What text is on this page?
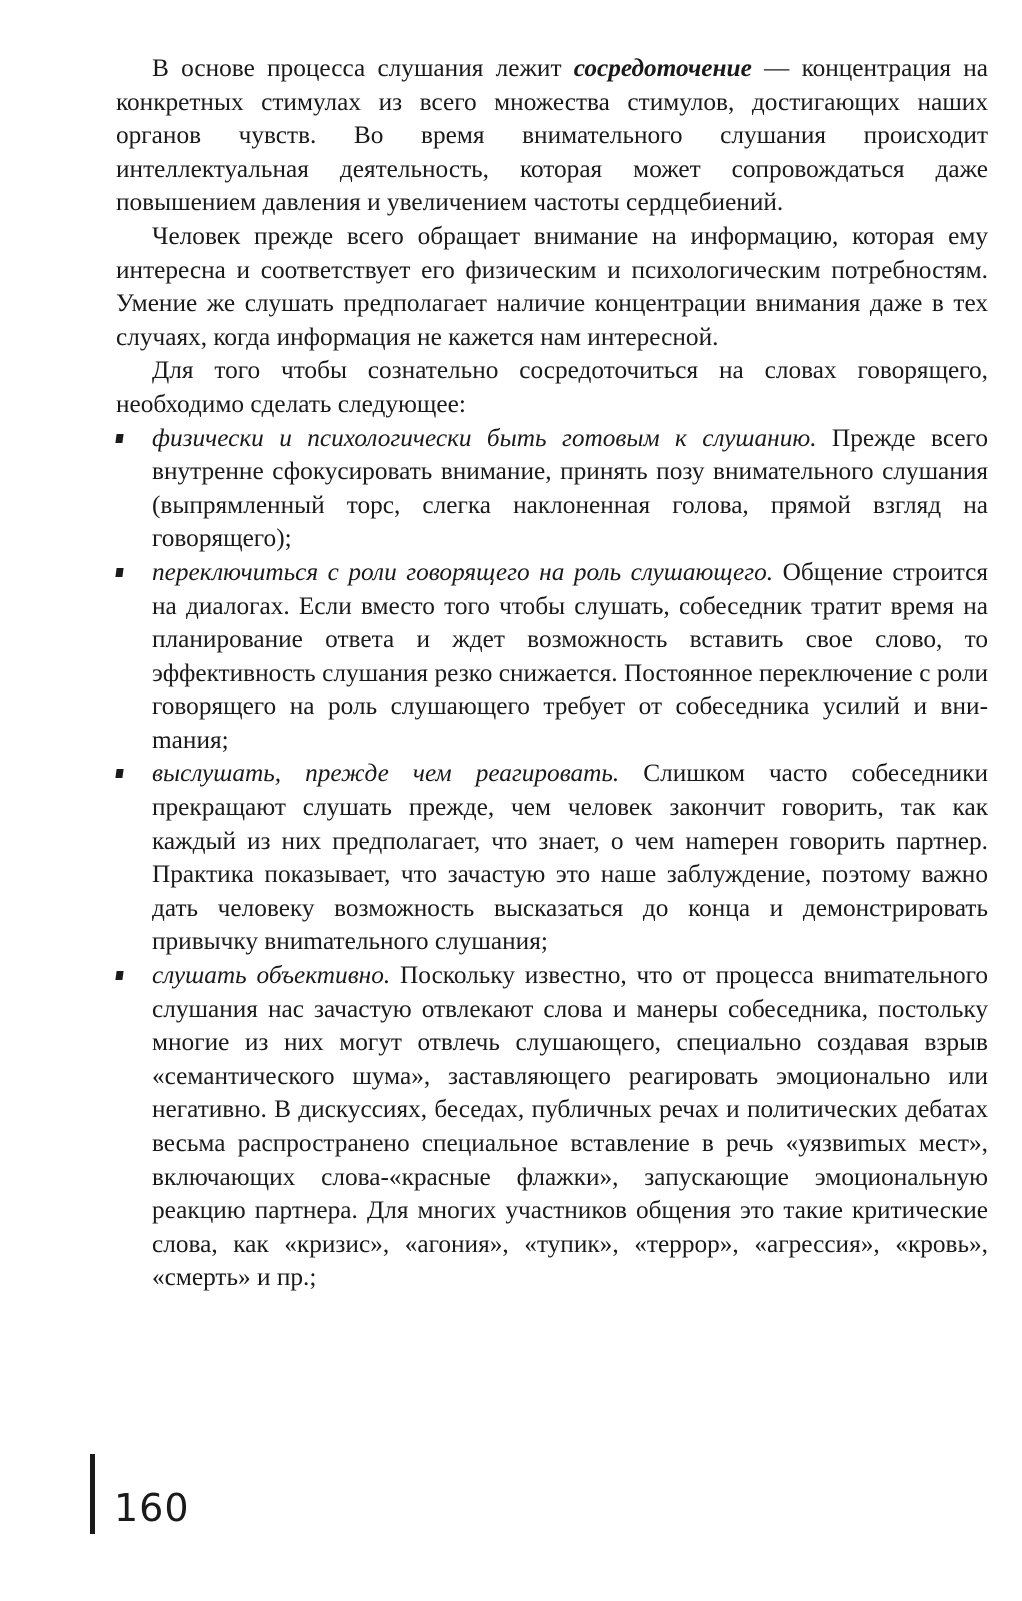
В основе процесса слушания лежит сосредоточение — концентрация на конкретных стимулах из всего множества стимулов, достигающих наших органов чувств. Во время внимательного слушания происходит интеллектуальная деятельность, которая может сопровождаться даже повышением давления и увеличением частоты сердцебиений.

Человек прежде всего обращает внимание на информацию, которая ему интересна и соответствует его физическим и психологическим потребностям. Умение же слушать предполагает наличие концентрации внимания даже в тех случаях, когда информация не кажется нам интересной.

Для того чтобы сознательно сосредоточиться на словах говорящего, необходимо сделать следующее:

физически и психологически быть готовым к слушанию. Прежде всего внутренне сфокусировать внимание, принять позу внимательного слушания (выпрямленный торс, слегка наклоненная голова, прямой взгляд на говорящего);
переключиться с роли говорящего на роль слушающего. Общение строится на диалогах. Если вместо того чтобы слушать, собеседник тратит время на планирование ответа и ждет возможность вставить свое слово, то эффективность слушания резко снижается. Постоянное переключение с роли говорящего на роль слушающего требует от собеседника усилий и вниmания;
выслушать, прежде чем реагировать. Слишком часто собеседники прекращают слушать прежде, чем человек закончит говорить, так как каждый из них предполагает, что знает, о чем наmерен говорить партнер. Практика показывает, что зачастую это наше заблуждение, поэтому важно дать человеку возможность высказаться до конца и демонстрировать привычку вниmательного слушания;
слушать объективно. Поскольку известно, что от процесса вниmательного слушания нас зачастую отвлекают слова и манеры собеседника, постольку многие из них могут отвлечь слушающего, специально создавая взрыв «семантического шума», заставляющего реагировать эмоционально или негативно. В дискуссиях, беседах, публичных речах и политических дебатах весьма распространено специальное вставление в речь «уязвиmых мест», включающих слова-«красные флажки», запускающие эмоциональную реакцию партнера. Для многих участников общения это такие критические слова, как «кризис», «агония», «тупик», «террор», «агрессия», «кровь», «смерть» и пр.;
160
